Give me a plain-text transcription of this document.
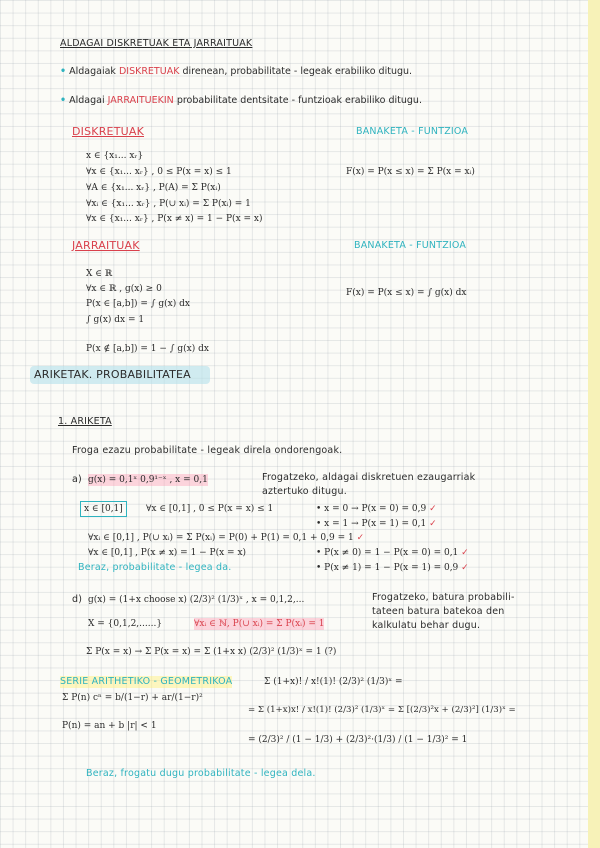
ALDAGAI DISKRETUAK ETA JARRAITUAK
• Aldagaiak DISKRETUAK direnean, probabilitate - legeak erabiliko ditugu.
• Aldagai JARRAITUEKIN probabilitate dentsitate - funtzioak erabiliko ditugu.
DISKRETUAK	BANAKETA - FUNTZIOA
x ∈ {x₁... xᵣ}
∀x ∈ {x₁... xᵣ} , 0 ≤ P(x = x) ≤ 1
∀A ∈ {x₁... xᵣ} , P(A) = Σ P(xᵢ)
∀xᵢ ∈ {x₁... xᵣ} , P(∪ xᵢ) = Σ P(xᵢ) = 1
∀x ∈ {x₁... xᵣ} , P(x ≠ x) = 1 − P(x = x)
F(x) = P(x ≤ x) = Σ P(x = xᵢ)
JARRAITUAK	BANAKETA - FUNTZIOA
X ∈ ℝ
∀x ∈ ℝ , g(x) ≥ 0
P(x ∈ [a,b]) = ∫ g(x) dx
∫ g(x) dx = 1
P(x ∉ [a,b]) = 1 − ∫ g(x) dx
F(x) = P(x ≤ x) = ∫ g(x) dx
ARIKETAK. PROBABILITATEA
1. ARIKETA
Froga ezazu probabilitate - legeak direla ondorengoak.
a) g(x) = 0,1ˣ 0,9¹⁻ˣ , x = 0,1	Frogatzeko, aldagai diskretuen ezaugarriak
aztertuko ditugu.
x ∈ [0,1]	∀x ∈ [0,1] , 0 ≤ P(x = x) ≤ 1	• x = 0 → P(x = 0) = 0,9 ✓
• x = 1 → P(x = 1) = 0,1 ✓
∀xᵢ ∈ [0,1] , P(∪ xᵢ) = Σ P(xᵢ) = P(0) + P(1) = 0,1 + 0,9 = 1 ✓
∀x ∈ [0,1] , P(x ≠ x) = 1 − P(x = x)	• P(x ≠ 0) = 1 − P(x = 0) = 0,1 ✓
Beraz, probabilitate - legea da.	• P(x ≠ 1) = 1 − P(x = 1) = 0,9 ✓
d) g(x) = (1+x choose x) (2/3)² (1/3)ˣ , x = 0,1,2,...	Frogatzeko, batura probabili-
tateen batura batekoa den
kalkulatu behar dugu.
X = {0,1,2,......}	∀xᵢ ∈ ℕ, P(∪ xᵢ) = Σ P(xᵢ) = 1
Σ P(x = x) → Σ P(x = x) = Σ (1+x x) (2/3)² (1/3)ˣ = 1 (?)
SERIE ARITHETIKO - GEOMETRIKOA
Σ P(n) cⁿ = b/(1−r) + ar/(1−r)²
P(n) = an + b |r| < 1
Σ (1+x)! / x!(1)! (2/3)² (1/3)ˣ =
= Σ (1+x)x! / x!(1)! (2/3)² (1/3)ˣ = Σ [(2/3)²x + (2/3)²] (1/3)ˣ =
= (2/3)² / (1 − 1/3) + (2/3)²·(1/3) / (1 − 1/3)² = 1
Beraz, frogatu dugu probabilitate - legea dela.
